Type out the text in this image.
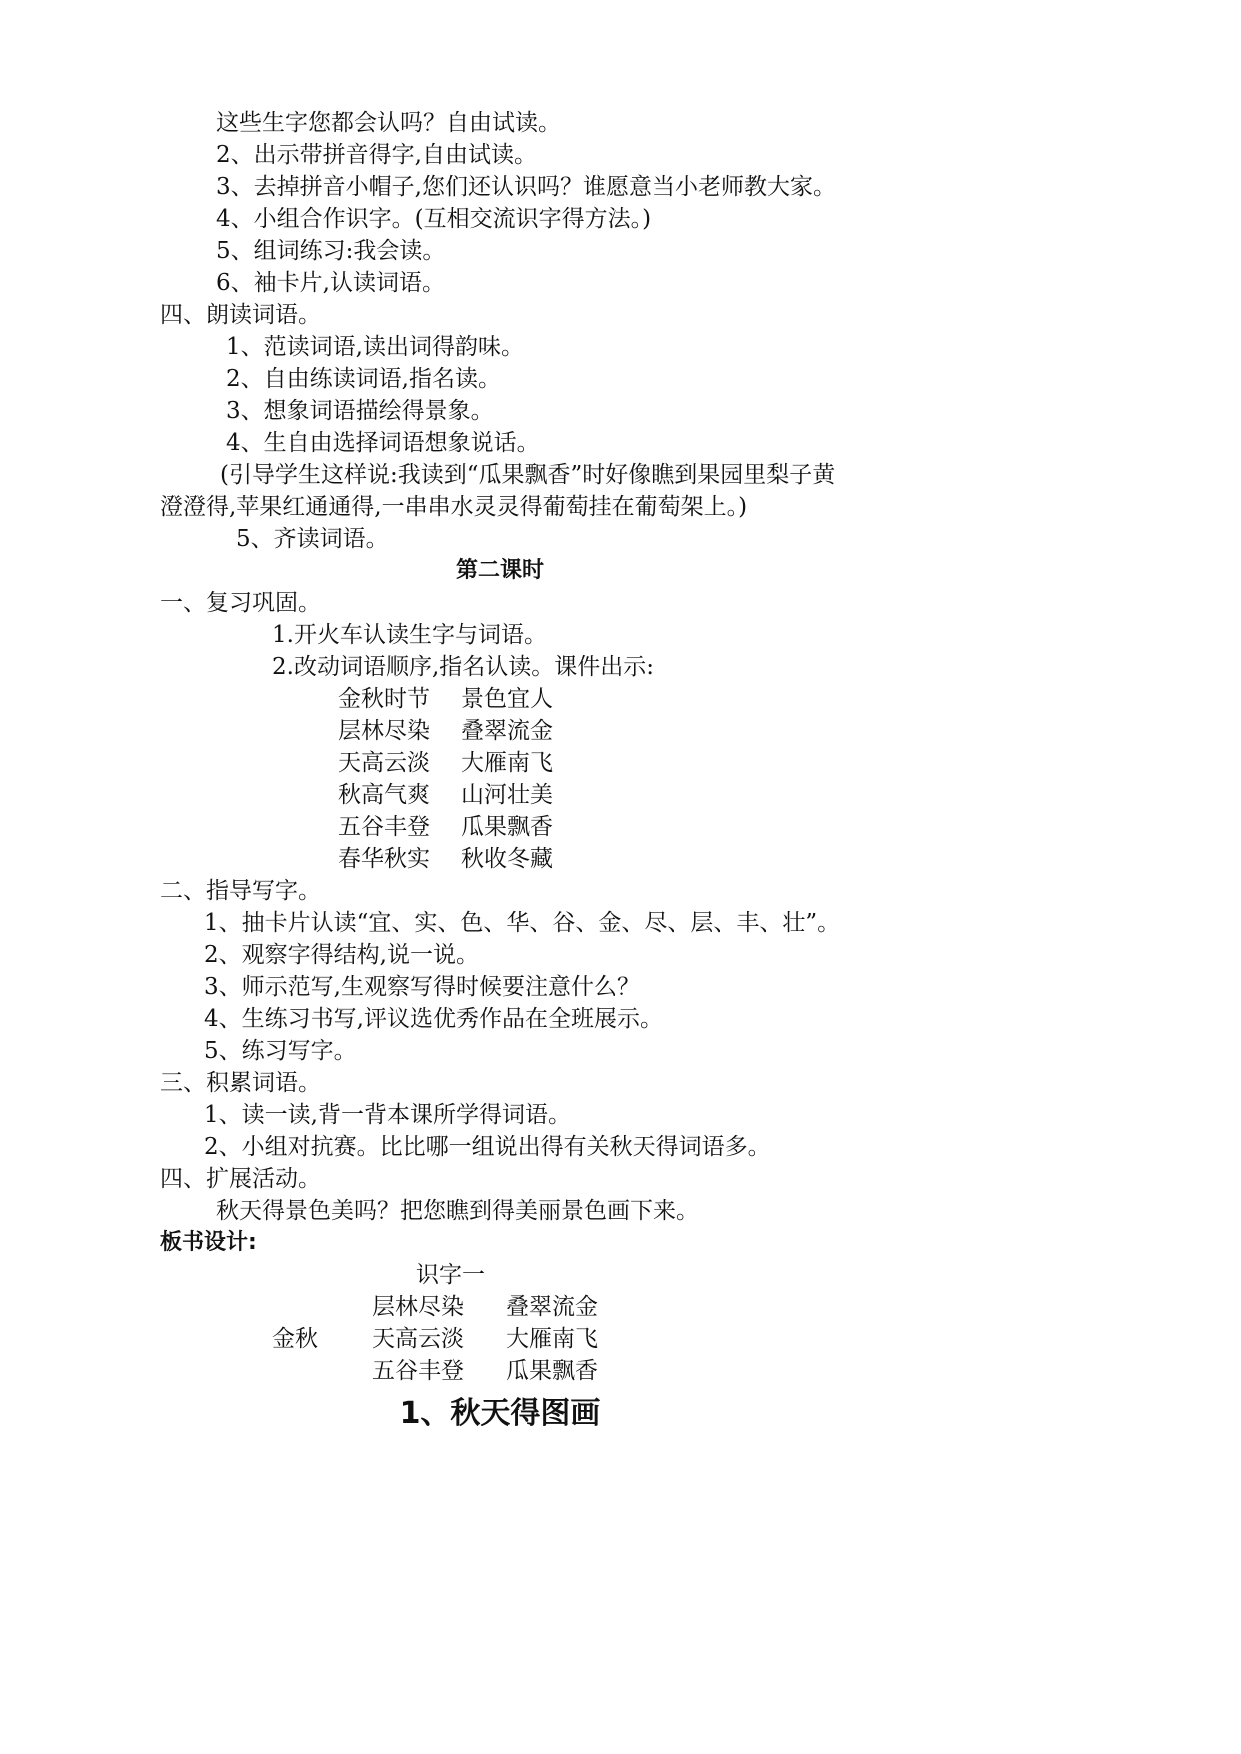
这些生字您都会认吗？自由试读。
2、出示带拼音得字,自由试读。
3、去掉拼音小帽子,您们还认识吗？谁愿意当小老师教大家。
4、小组合作识字。(互相交流识字得方法。)
5、组词练习:我会读。
6、袖卡片,认读词语。
四、朗读词语。
1、范读词语,读出词得韵味。
2、自由练读词语,指名读。
3、想象词语描绘得景象。
4、生自由选择词语想象说话。
(引导学生这样说:我读到“瓜果飘香”时好像瞧到果园里梨子黄
澄澄得,苹果红通通得,一串串水灵灵得葡萄挂在葡萄架上。)
5、齐读词语。
第二课时
一、复习巩固。
1.开火车认读生字与词语。
2.改动词语顺序,指名认读。课件出示:
金秋时节 景色宜人
层林尽染 叠翠流金
天高云淡 大雁南飞
秋高气爽 山河壮美
五谷丰登 瓜果飘香
春华秋实 秋收冬藏
二、指导写字。
1、抽卡片认读“宜、实、色、华、谷、金、尽、层、丰、壮”。
2、观察字得结构,说一说。
3、师示范写,生观察写得时候要注意什么？
4、生练习书写,评议选优秀作品在全班展示。
5、练习写字。
三、积累词语。
1、读一读,背一背本课所学得词语。
2、小组对抗赛。比比哪一组说出得有关秋天得词语多。
四、扩展活动。
秋天得景色美吗？把您瞧到得美丽景色画下来。
板书设计:
识字一
层林尽染 叠翠流金
金秋 天高云淡 大雁南飞
五谷丰登 瓜果飘香
1、秋天得图画
